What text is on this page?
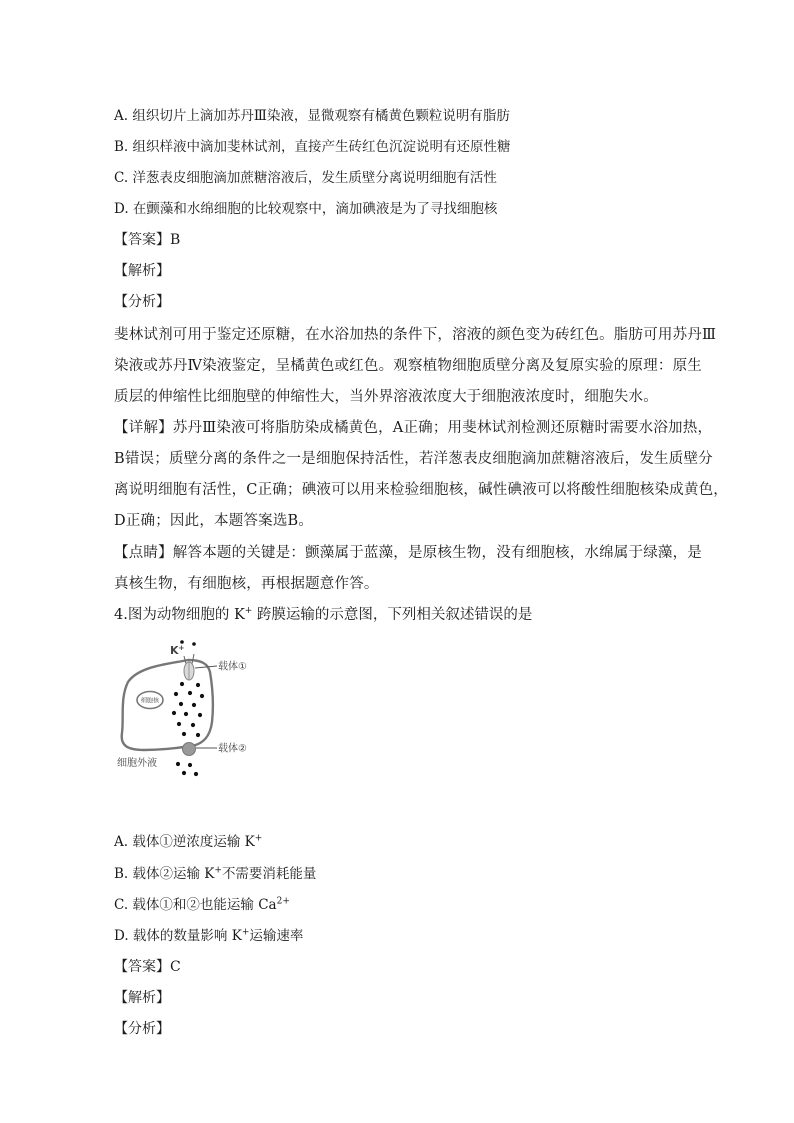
A. 组织切片上滴加苏丹Ⅲ染液，显微观察有橘黄色颗粒说明有脂肪
B. 组织样液中滴加斐林试剂，直接产生砖红色沉淀说明有还原性糖
C. 洋葱表皮细胞滴加蔗糖溶液后，发生质壁分离说明细胞有活性
D. 在颤藻和水绵细胞的比较观察中，滴加碘液是为了寻找细胞核
【答案】B
【解析】
【分析】
斐林试剂可用于鉴定还原糖，在水浴加热的条件下，溶液的颜色变为砖红色。脂肪可用苏丹Ⅲ
染液或苏丹Ⅳ染液鉴定，呈橘黄色或红色。观察植物细胞质壁分离及复原实验的原理：原生
质层的伸缩性比细胞壁的伸缩性大，当外界溶液浓度大于细胞液浓度时，细胞失水。
【详解】苏丹Ⅲ染液可将脂肪染成橘黄色，A正确；用斐林试剂检测还原糖时需要水浴加热，
B错误；质壁分离的条件之一是细胞保持活性，若洋葱表皮细胞滴加蔗糖溶液后，发生质壁分
离说明细胞有活性，C正确；碘液可以用来检验细胞核，碱性碘液可以将酸性细胞核染成黄色，
D正确；因此，本题答案选B。
【点睛】解答本题的关键是：颤藻属于蓝藻，是原核生物，没有细胞核，水绵属于绿藻，是
真核生物，有细胞核，再根据题意作答。
4.图为动物细胞的 K+ 跨膜运输的示意图，下列相关叙述错误的是
细胞核
K+
载体①
载体②
细胞外液
A. 载体①逆浓度运输 K+
B. 载体②运输 K+不需要消耗能量
C. 载体①和②也能运输 $Ca^{2+}$
D. 载体的数量影响 K+运输速率
【答案】C
【解析】
【分析】
